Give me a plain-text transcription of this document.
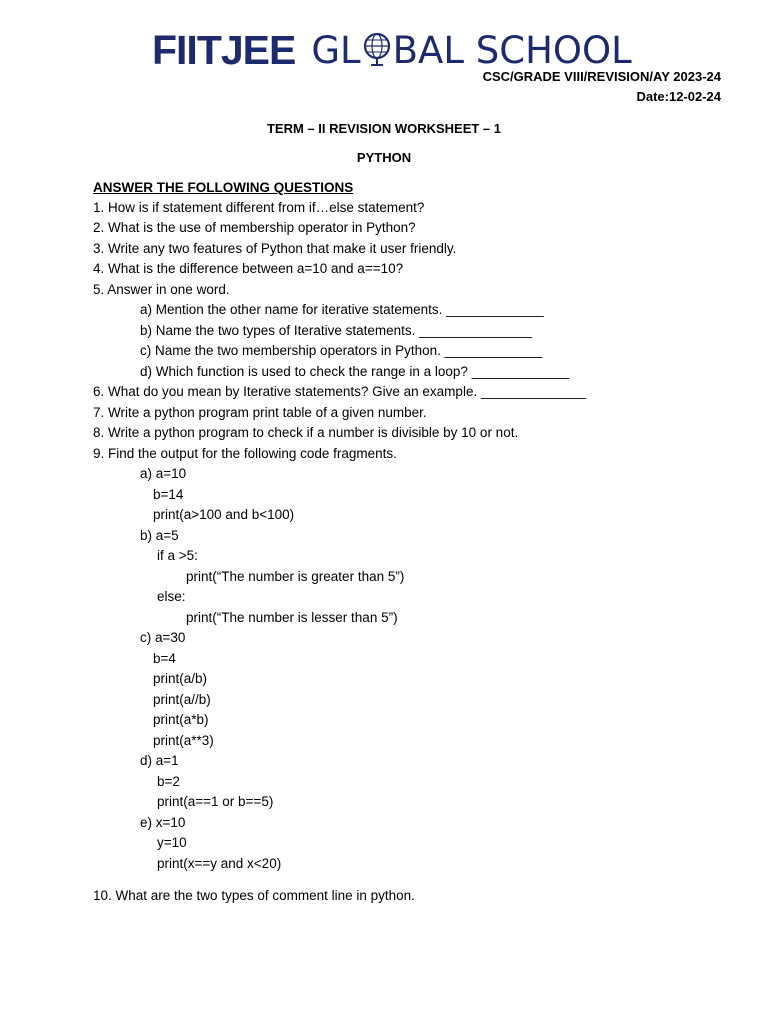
FIITJEE GL BAL SCHOOL
CSC/GRADE VIII/REVISION/AY 2023-24
Date:12-02-24
TERM – II REVISION WORKSHEET – 1
PYTHON
ANSWER THE FOLLOWING QUESTIONS
1. How is if statement different from if…else statement?
2. What is the use of membership operator in Python?
3. Write any two features of Python that make it user friendly.
4. What is the difference between a=10 and a==10?
5. Answer in one word.
a) Mention the other name for iterative statements. _____________
b) Name the two types of Iterative statements. _______________
c) Name the two membership operators in Python. _____________
d) Which function is used to check the range in a loop? _____________
6. What do you mean by Iterative statements? Give an example. ______________
7. Write a python program print table of a given number.
8. Write a python program to check if a number is divisible by 10 or not.
9. Find the output for the following code fragments.
a) a=10
b=14
print(a>100 and b<100)
b) a=5
if a >5:
print(“The number is greater than 5”)
else:
print(“The number is lesser than 5”)
c) a=30
b=4
print(a/b)
print(a//b)
print(a*b)
print(a**3)
d) a=1
b=2
print(a==1 or b==5)
e) x=10
y=10
print(x==y and x<20)
10. What are the two types of comment line in python.
